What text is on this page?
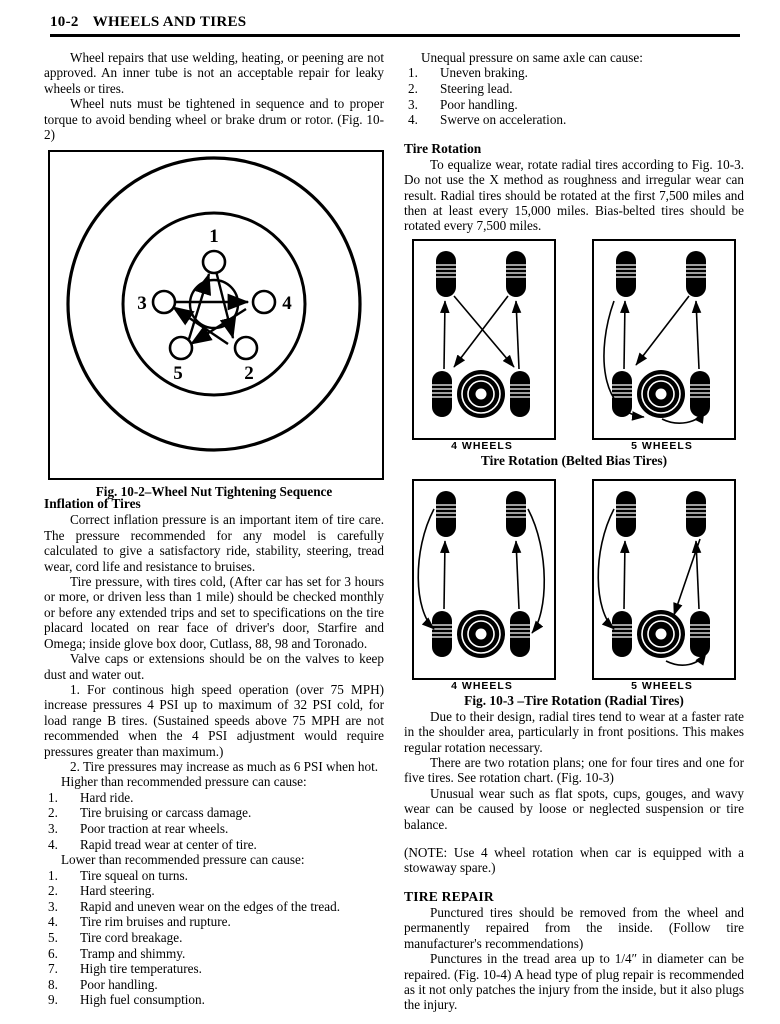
10-2 WHEELS AND TIRES

Wheel repairs that use welding, heating, or peening are not approved. An inner tube is not an acceptable repair for leaky wheels or tires.

Wheel nuts must be tightened in sequence and to proper torque to avoid bending wheel or brake drum or rotor. (Fig. 10-2)

Inflation of Tires

Correct inflation pressure is an important item of tire care. The pressure recommended for any model is carefully calculated to give a satisfactory ride, stability, steering, tread wear, cord life and resistance to bruises.

Tire pressure, with tires cold, (After car has set for 3 hours or more, or driven less than 1 mile) should be checked monthly or before any extended trips and set to specifications on the tire placard located on rear face of driver's door, Starfire and Omega; inside glove box door, Cutlass, 88, 98 and Toronado.

Valve caps or extensions should be on the valves to keep dust and water out.

1. For continous high speed operation (over 75 MPH) increase pressures 4 PSI up to maximum of 32 PSI cold, for load range B tires. (Sustained speeds above 75 MPH are not recommended when the 4 PSI adjustment would require pressures greater than maximum.)

2. Tire pressures may increase as much as 6 PSI when hot.

Higher than recommended pressure can cause:

1. Hard ride.
2. Tire bruising or carcass damage.
3. Poor traction at rear wheels.
4. Rapid tread wear at center of tire.

Lower than recommended pressure can cause:

1. Tire squeal on turns.
2. Hard steering.
3. Rapid and uneven wear on the edges of the tread.
4. Tire rim bruises and rupture.
5. Tire cord breakage.
6. Tramp and shimmy.
7. High tire temperatures.
8. Poor handling.
9. High fuel consumption.

Unequal pressure on same axle can cause:

1. Uneven braking.
2. Steering lead.
3. Poor handling.
4. Swerve on acceleration.
Tire Rotation

To equalize wear, rotate radial tires according to Fig. 10-3. Do not use the X method as roughness and irregular wear can result. Radial tires should be rotated at the first 7,500 miles and then at least every 15,000 miles. Bias-belted tires should be rotated every 7,500 miles.

Due to their design, radial tires tend to wear at a faster rate in the shoulder area, particularly in front positions. This makes regular rotation necessary.

There are two rotation plans; one for four tires and one for five tires. See rotation chart. (Fig. 10-3)

Unusual wear such as flat spots, cups, gouges, and wavy wear can be caused by loose or neglected suspension or tire balance.

(NOTE: Use 4 wheel rotation when car is equipped with a stowaway spare.)

TIRE REPAIR

Punctured tires should be removed from the wheel and permanently repaired from the inside. (Follow tire manufacturer's recommendations)

Punctures in the tread area up to 1/4″ in diameter can be repaired. (Fig. 10-4) A head type of plug repair is recommended as it not only patches the injury from the inside, but it also plugs the injury.

1
2
3	4
5
Fig. 10-2–Wheel Nut Tightening Sequence
4 WHEELS	5 WHEELS
Tire Rotation (Belted Bias Tires)
4 WHEELS	5 WHEELS
Fig. 10-3 –Tire Rotation (Radial Tires)
